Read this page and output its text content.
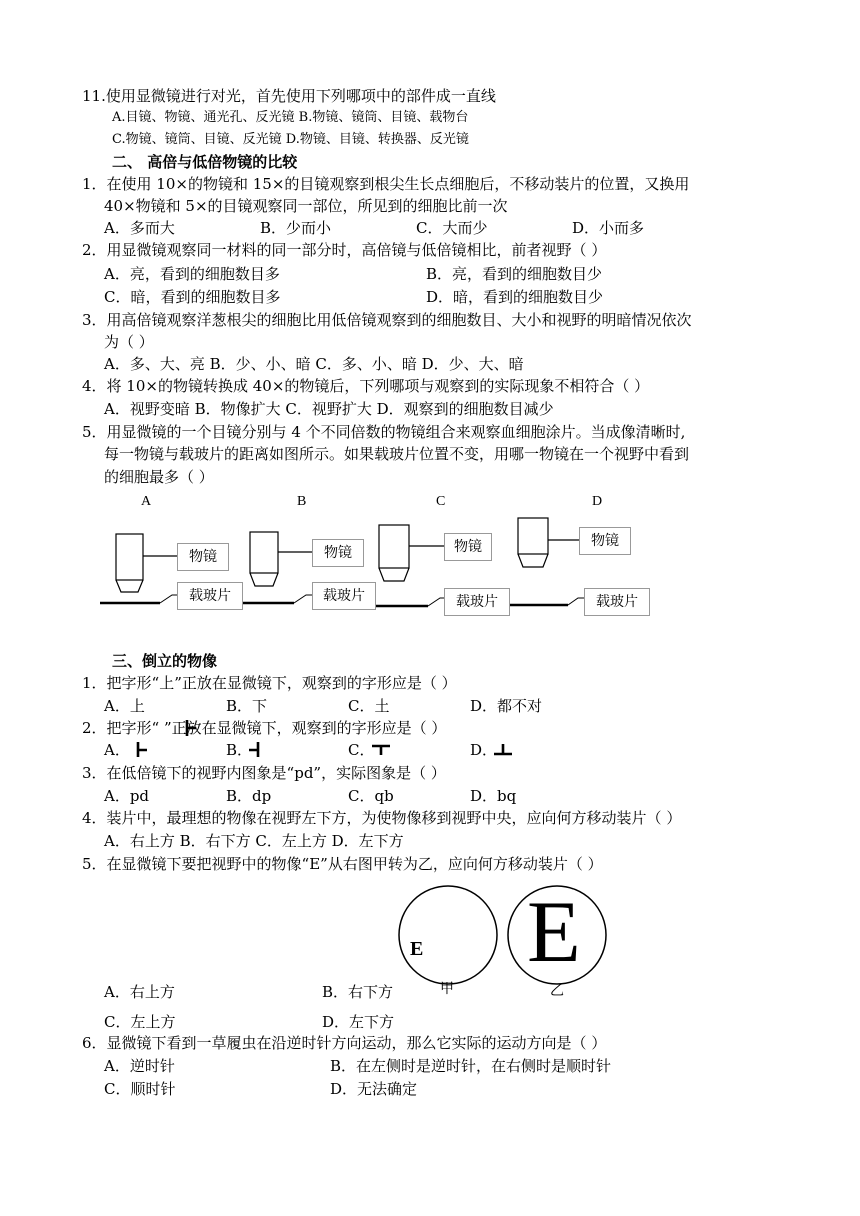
11.使用显微镜进行对光，首先使用下列哪项中的部件成一直线
A.目镜、物镜、通光孔、反光镜 B.物镜、镜筒、目镜、载物台
C.物镜、镜筒、目镜、反光镜 D.物镜、目镜、转换器、反光镜
二、 高倍与低倍物镜的比较
1．在使用 10×的物镜和 15×的目镜观察到根尖生长点细胞后，不移动装片的位置，又换用
40×物镜和 5×的目镜观察同一部位，所见到的细胞比前一次
A．多而大	B．少而小	C．大而少	D．小而多
2．用显微镜观察同一材料的同一部分时，高倍镜与低倍镜相比，前者视野（ ）
A．亮，看到的细胞数目多	B．亮，看到的细胞数目少
C．暗，看到的细胞数目多	D．暗，看到的细胞数目少
3．用高倍镜观察洋葱根尖的细胞比用低倍镜观察到的细胞数目、大小和视野的明暗情况依次
为（ ）
A．多、大、亮 B．少、小、暗 C．多、小、暗 D．少、大、暗
4．将 10×的物镜转换成 40×的物镜后，下列哪项与观察到的实际现象不相符合（ ）
A．视野变暗 B．物像扩大 C．视野扩大 D．观察到的细胞数目减少
5．用显微镜的一个目镜分别与 4 个不同倍数的物镜组合来观察血细胞涂片。当成像清晰时,
每一物镜与载玻片的距离如图所示。如果载玻片位置不变，用哪一物镜在一个视野中看到
的细胞最多（ ）
A	B	C	D
物镜	物镜	物镜	物镜
载玻片	载玻片	载玻片	载玻片
三、倒立的物像
1．把字形“上”正放在显微镜下，观察到的字形应是（ ）
A．上	B．下	C．土	D．都不对
2．把字形“ ”正放在显微镜下，观察到的字形应是（ ）
A．	B．	C．	D．
3．在低倍镜下的视野内图象是“pd”，实际图象是（ ）
A．pd	B．dp	C．qb	D．bq
4．装片中，最理想的物像在视野左下方，为使物像移到视野中央，应向何方移动装片（ ）
A．右上方 B．右下方 C．左上方 D．左下方
5．在显微镜下要把视野中的物像“E”从右图甲转为乙，应向何方移动装片（ ）
E E
甲	乙
A．右上方	B．右下方
C．左上方	D．左下方
6．显微镜下看到一草履虫在沿逆时针方向运动，那么它实际的运动方向是（ ）
A．逆时针	B．在左侧时是逆时针，在右侧时是顺时针
C．顺时针	D．无法确定
